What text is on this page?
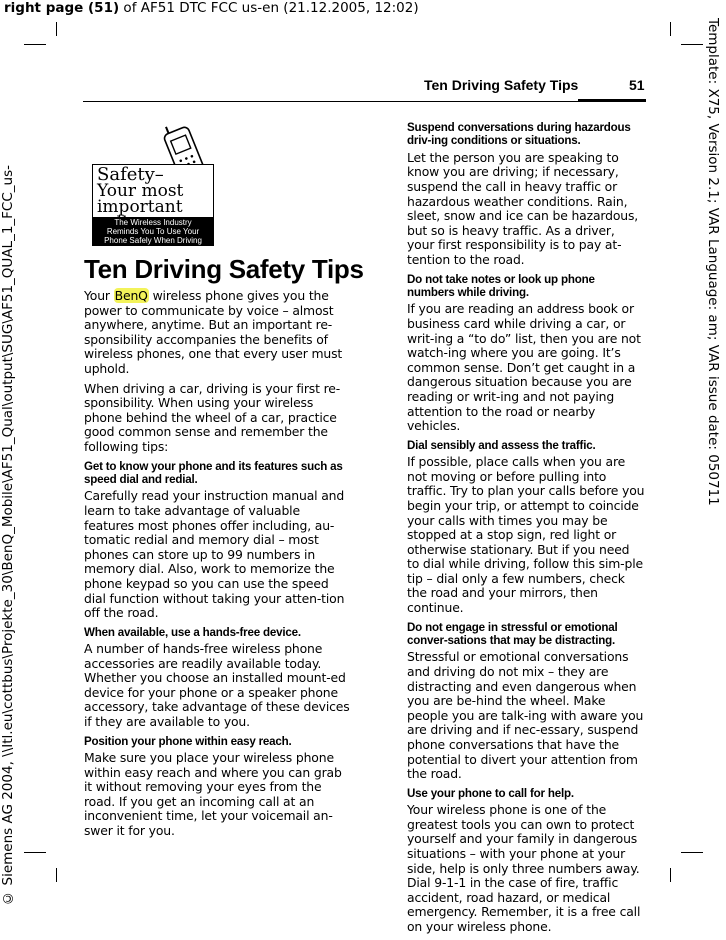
right page (51) of AF51 DTC FCC us-en (21.12.2005, 12:02)
Template: X75, Version 2.1; VAR Language: am; VAR issue date: 050711
© Siemens AG 2004, \\Itl.eu\cottbus\Projekte_30\BenQ_Mobile\AF51_Qual\output\SUG\AF51_QUAL_1_FCC_us-
Ten Driving Safety Tips	51
Safety–
Your most
important
The Wireless Industry
Reminds You To Use Your
Phone Safely When Driving
Ten Driving Safety Tips

Your BenQ wireless phone gives you the power to communicate by voice – almost anywhere, anytime. But an important re-sponsibility accompanies the benefits of wireless phones, one that every user must uphold.

When driving a car, driving is your first re-sponsibility. When using your wireless phone behind the wheel of a car, practice good common sense and remember the following tips:

Get to know your phone and its features such as speed dial and redial.

Carefully read your instruction manual and learn to take advantage of valuable features most phones offer including, au-tomatic redial and memory dial – most phones can store up to 99 numbers in memory dial. Also, work to memorize the phone keypad so you can use the speed dial function without taking your atten-tion off the road.

When available, use a hands-free device.

A number of hands-free wireless phone accessories are readily available today. Whether you choose an installed mount-ed device for your phone or a speaker phone accessory, take advantage of these devices if they are available to you.

Position your phone within easy reach.

Make sure you place your wireless phone within easy reach and where you can grab it without removing your eyes from the road. If you get an incoming call at an inconvenient time, let your voicemail an-swer it for you.

Suspend conversations during hazardous driv-ing conditions or situations.

Let the person you are speaking to know you are driving; if necessary, suspend the call in heavy traffic or hazardous weather conditions. Rain, sleet, snow and ice can be hazardous, but so is heavy traffic. As a driver, your first responsibility is to pay at-tention to the road.

Do not take notes or look up phone numbers while driving.

If you are reading an address book or business card while driving a car, or writ-ing a “to do” list, then you are not watch-ing where you are going. It’s common sense. Don’t get caught in a dangerous situation because you are reading or writ-ing and not paying attention to the road or nearby vehicles.

Dial sensibly and assess the traffic.

If possible, place calls when you are not moving or before pulling into traffic. Try to plan your calls before you begin your trip, or attempt to coincide your calls with times you may be stopped at a stop sign, red light or otherwise stationary. But if you need to dial while driving, follow this sim-ple tip – dial only a few numbers, check the road and your mirrors, then continue.

Do not engage in stressful or emotional conver-sations that may be distracting.

Stressful or emotional conversations and driving do not mix – they are distracting and even dangerous when you are be-hind the wheel. Make people you are talk-ing with aware you are driving and if nec-essary, suspend phone conversations that have the potential to divert your attention from the road.

Use your phone to call for help.

Your wireless phone is one of the greatest tools you can own to protect yourself and your family in dangerous situations – with your phone at your side, help is only three numbers away. Dial 9-1-1 in the case of fire, traffic accident, road hazard, or medical emergency. Remember, it is a free call on your wireless phone.
